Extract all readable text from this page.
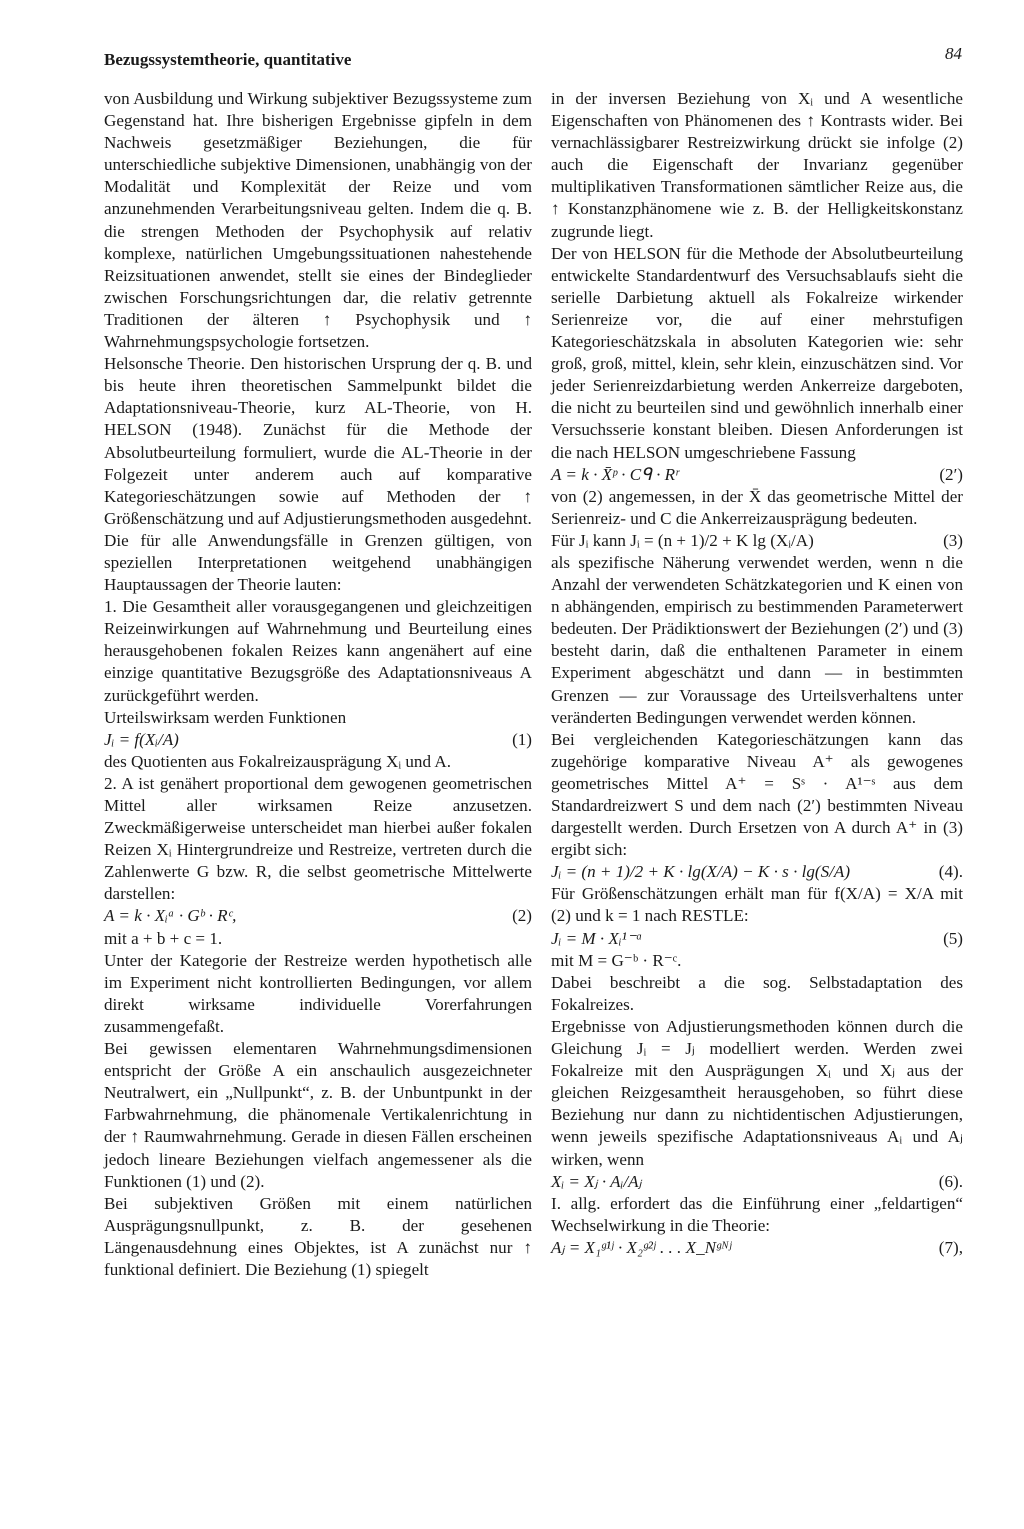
Bezugssystemtheorie, quantitative	84

von Ausbildung und Wirkung subjektiver Bezugssysteme zum Gegenstand hat. Ihre bisherigen Ergebnisse gipfeln in dem Nachweis gesetzmäßiger Beziehungen, die für unterschiedliche subjektive Dimensionen, unabhängig von der Modalität und Komplexität der Reize und vom anzunehmenden Verarbeitungsniveau gelten. Indem die q. B. die strengen Methoden der Psychophysik auf relativ komplexe, natürlichen Umgebungssituationen nahestehende Reizsituationen anwendet, stellt sie eines der Bindeglieder zwischen Forschungsrichtungen dar, die relativ getrennte Traditionen der älteren ↑ Psychophysik und ↑ Wahrnehmungspsychologie fortsetzen.

Helsonsche Theorie. Den historischen Ursprung der q. B. und bis heute ihren theoretischen Sammelpunkt bildet die Adaptationsniveau-Theorie, kurz AL-Theorie, von H. HELSON (1948). Zunächst für die Methode der Absolutbeurteilung formuliert, wurde die AL-Theorie in der Folgezeit unter anderem auch auf komparative Kategorieschätzungen sowie auf Methoden der ↑ Größenschätzung und auf Adjustierungsmethoden ausgedehnt.

Die für alle Anwendungsfälle in Grenzen gültigen, von speziellen Interpretationen weitgehend unabhängigen Hauptaussagen der Theorie lauten:

1. Die Gesamtheit aller vorausgegangenen und gleichzeitigen Reizeinwirkungen auf Wahrnehmung und Beurteilung eines herausgehobenen fokalen Reizes kann angenähert auf eine einzige quantitative Bezugsgröße des Adaptationsniveaus A zurückgeführt werden.

Urteilswirksam werden Funktionen

Jᵢ = f(Xᵢ/A)	(1)

des Quotienten aus Fokalreizausprägung Xᵢ und A.

2. A ist genähert proportional dem gewogenen geometrischen Mittel aller wirksamen Reize anzusetzen. Zweckmäßigerweise unterscheidet man hierbei außer fokalen Reizen Xᵢ Hintergrundreize und Restreize, vertreten durch die Zahlenwerte G bzw. R, die selbst geometrische Mittelwerte darstellen:

A = k · Xᵢᵃ · Gᵇ · Rᶜ,	(2)

mit a + b + c = 1.

Unter der Kategorie der Restreize werden hypothetisch alle im Experiment nicht kontrollierten Bedingungen, vor allem direkt wirksame individuelle Vorerfahrungen zusammengefaßt.

Bei gewissen elementaren Wahrnehmungsdimensionen entspricht der Größe A ein anschaulich ausgezeichneter Neutralwert, ein „Nullpunkt“, z. B. der Unbuntpunkt in der Farbwahrnehmung, die phänomenale Vertikalenrichtung in der ↑ Raumwahrnehmung. Gerade in diesen Fällen erscheinen jedoch lineare Beziehungen vielfach angemessener als die Funktionen (1) und (2).

Bei subjektiven Größen mit einem natürlichen Ausprägungsnullpunkt, z. B. der gesehenen Längenausdehnung eines Objektes, ist A zunächst nur ↑ funktional definiert. Die Beziehung (1) spiegelt

in der inversen Beziehung von Xᵢ und A wesentliche Eigenschaften von Phänomenen des ↑ Kontrasts wider. Bei vernachlässigbarer Restreizwirkung drückt sie infolge (2) auch die Eigenschaft der Invarianz gegenüber multiplikativen Transformationen sämtlicher Reize aus, die ↑ Konstanzphänomene wie z. B. der Helligkeitskonstanz zugrunde liegt.

Der von HELSON für die Methode der Absolutbeurteilung entwickelte Standardentwurf des Versuchsablaufs sieht die serielle Darbietung aktuell als Fokalreize wirkender Serienreize vor, die auf einer mehrstufigen Kategorieschätzskala in absoluten Kategorien wie: sehr groß, groß, mittel, klein, sehr klein, einzuschätzen sind. Vor jeder Serienreizdarbietung werden Ankerreize dargeboten, die nicht zu beurteilen sind und gewöhnlich innerhalb einer Versuchsserie konstant bleiben. Diesen Anforderungen ist die nach HELSON umgeschriebene Fassung

A = k · X̄ᵖ · Cᑫ · Rʳ	(2′)

von (2) angemessen, in der X̄ das geometrische Mittel der Serienreiz- und C die Ankerreizausprägung bedeuten.

Für Jᵢ kann Jᵢ = (n + 1)/2 + K lg (Xᵢ/A)	(3)

als spezifische Näherung verwendet werden, wenn n die Anzahl der verwendeten Schätzkategorien und K einen von n abhängenden, empirisch zu bestimmenden Parameterwert bedeuten. Der Prädiktionswert der Beziehungen (2′) und (3) besteht darin, daß die enthaltenen Parameter in einem Experiment abgeschätzt und dann — in bestimmten Grenzen — zur Voraussage des Urteilsverhaltens unter veränderten Bedingungen verwendet werden können.

Bei vergleichenden Kategorieschätzungen kann das zugehörige komparative Niveau A⁺ als gewogenes geometrisches Mittel A⁺ = Sˢ · A¹⁻ˢ aus dem Standardreizwert S und dem nach (2′) bestimmten Niveau dargestellt werden. Durch Ersetzen von A durch A⁺ in (3) ergibt sich:

Jᵢ = (n + 1)/2 + K · lg(X/A) − K · s · lg(S/A)	(4).

Für Größenschätzungen erhält man für f(X/A) = X/A mit (2) und k = 1 nach RESTLE:

Jᵢ = M · Xᵢ¹⁻ᵅ	(5)

mit M = G⁻ᵇ · R⁻ᶜ.

Dabei beschreibt a die sog. Selbstadaptation des Fokalreizes.

Ergebnisse von Adjustierungsmethoden können durch die Gleichung Jᵢ = Jⱼ modelliert werden. Werden zwei Fokalreize mit den Ausprägungen Xᵢ und Xⱼ aus der gleichen Reizgesamtheit herausgehoben, so führt diese Beziehung nur dann zu nichtidentischen Adjustierungen, wenn jeweils spezifische Adaptationsniveaus Aᵢ und Aⱼ wirken, wenn

Xᵢ = Xⱼ · Aᵢ/Aⱼ	(6).

I. allg. erfordert das die Einführung einer „feldartigen“ Wechselwirkung in die Theorie:

Aⱼ = X₁ᵍ¹ʲ · X₂ᵍ²ʲ . . . X_Nᵍᴺʲ	(7),
